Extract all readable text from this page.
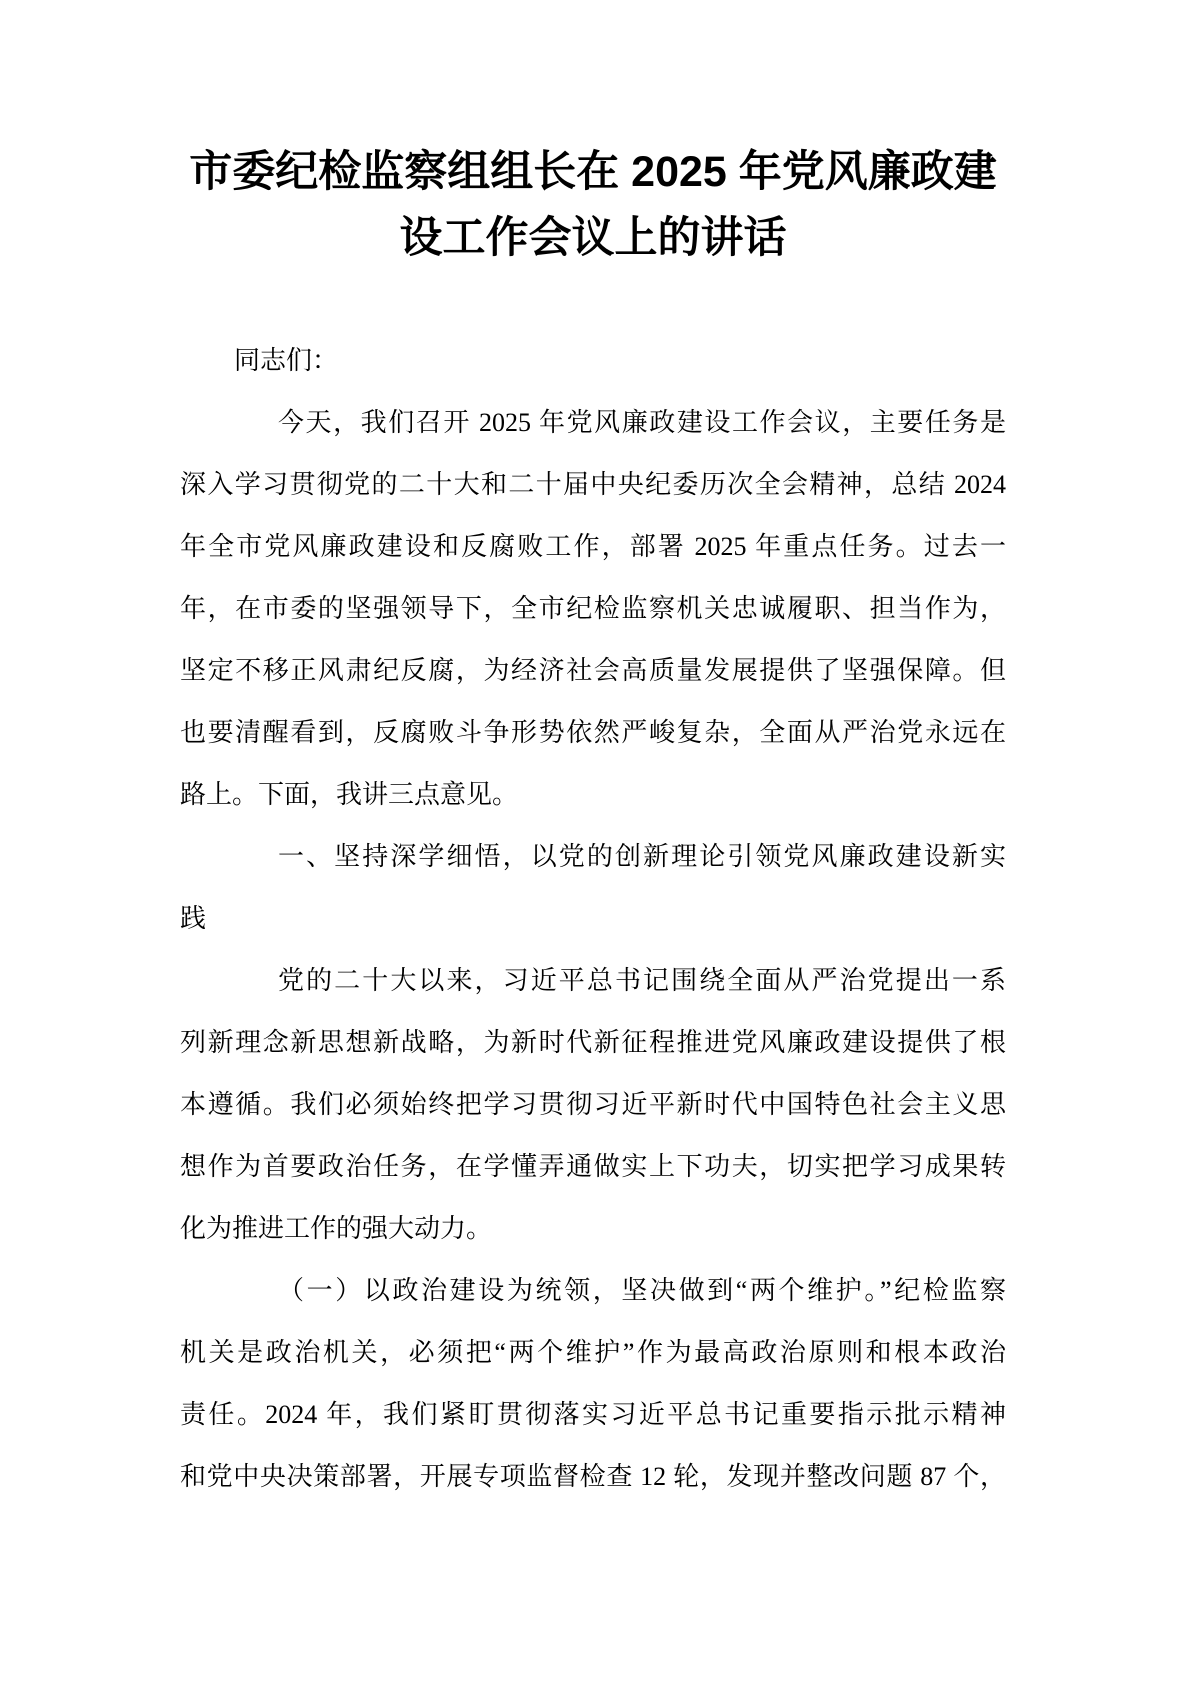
市委纪检监察组组长在 2025 年党风廉政建
设工作会议上的讲话

同志们：

今天，我们召开 2025 年党风廉政建设工作会议，主要任务是
深入学习贯彻党的二十大和二十届中央纪委历次全会精神，总结 2024
年全市党风廉政建设和反腐败工作，部署 2025 年重点任务。过去一
年，在市委的坚强领导下，全市纪检监察机关忠诚履职、担当作为，
坚定不移正风肃纪反腐，为经济社会高质量发展提供了坚强保障。但
也要清醒看到，反腐败斗争形势依然严峻复杂，全面从严治党永远在
路上。下面，我讲三点意见。

一、坚持深学细悟，以党的创新理论引领党风廉政建设新实
践

党的二十大以来，习近平总书记围绕全面从严治党提出一系
列新理念新思想新战略，为新时代新征程推进党风廉政建设提供了根
本遵循。我们必须始终把学习贯彻习近平新时代中国特色社会主义思
想作为首要政治任务，在学懂弄通做实上下功夫，切实把学习成果转
化为推进工作的强大动力。

（一）以政治建设为统领，坚决做到“两个维护。”纪检监察
机关是政治机关，必须把“两个维护”作为最高政治原则和根本政治
责任。2024 年，我们紧盯贯彻落实习近平总书记重要指示批示精神
和党中央决策部署，开展专项监督检查 12 轮，发现并整改问题 87 个，
